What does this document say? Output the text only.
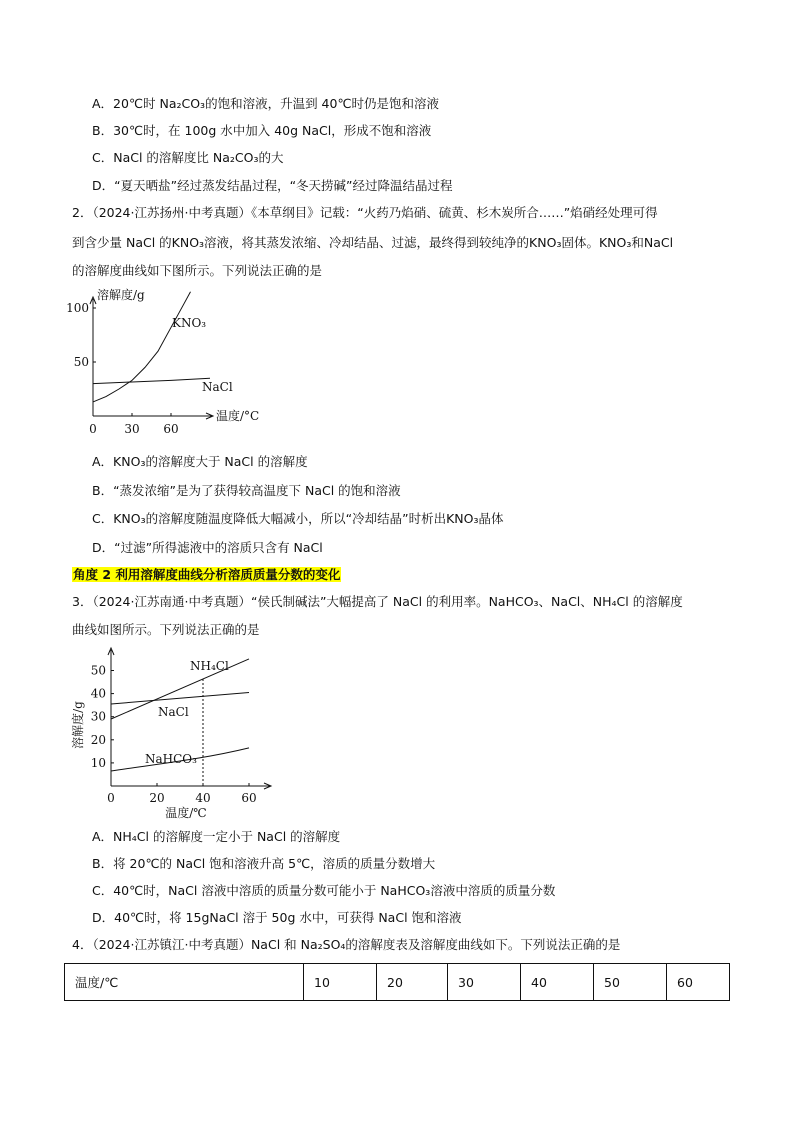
A．20℃时 Na₂CO₃的饱和溶液，升温到 40℃时仍是饱和溶液
B．30℃时，在 100g 水中加入 40g NaCl，形成不饱和溶液
C．NaCl 的溶解度比 Na₂CO₃的大
D．“夏天晒盐”经过蒸发结晶过程，“冬天捞碱”经过降温结晶过程
2．（2024·江苏扬州·中考真题）《本草纲目》记载：“火药乃焰硝、硫黄、杉木炭所合……”焰硝经处理可得
到含少量 NaCl 的KNO₃溶液，将其蒸发浓缩、冷却结晶、过滤，最终得到较纯净的KNO₃固体。KNO₃和NaCl
的溶解度曲线如下图所示。下列说法正确的是
溶解度/g
温度/°C
0 30 60
50
100
KNO₃
NaCl
A．KNO₃的溶解度大于 NaCl 的溶解度
B．“蒸发浓缩”是为了获得较高温度下 NaCl 的饱和溶液
C．KNO₃的溶解度随温度降低大幅减小，所以“冷却结晶”时析出KNO₃晶体
D．“过滤”所得滤液中的溶质只含有 NaCl
角度 2 利用溶解度曲线分析溶质质量分数的变化
3．（2024·江苏南通·中考真题）“侯氏制碱法”大幅提高了 NaCl 的利用率。NaHCO₃、NaCl、NH₄Cl 的溶解度
曲线如图所示。下列说法正确的是
10
20
30
40
50
0	20	40	60
溶解度/g
温度/℃
NH₄Cl
NaCl
NaHCO₃
A．NH₄Cl 的溶解度一定小于 NaCl 的溶解度
B．将 20℃的 NaCl 饱和溶液升高 5℃，溶质的质量分数增大
C．40℃时，NaCl 溶液中溶质的质量分数可能小于 NaHCO₃溶液中溶质的质量分数
D．40℃时，将 15gNaCl 溶于 50g 水中，可获得 NaCl 饱和溶液
4．（2024·江苏镇江·中考真题）NaCl 和 Na₂SO₄的溶解度表及溶解度曲线如下。下列说法正确的是
温度/℃	10	20	30	40	50	60
